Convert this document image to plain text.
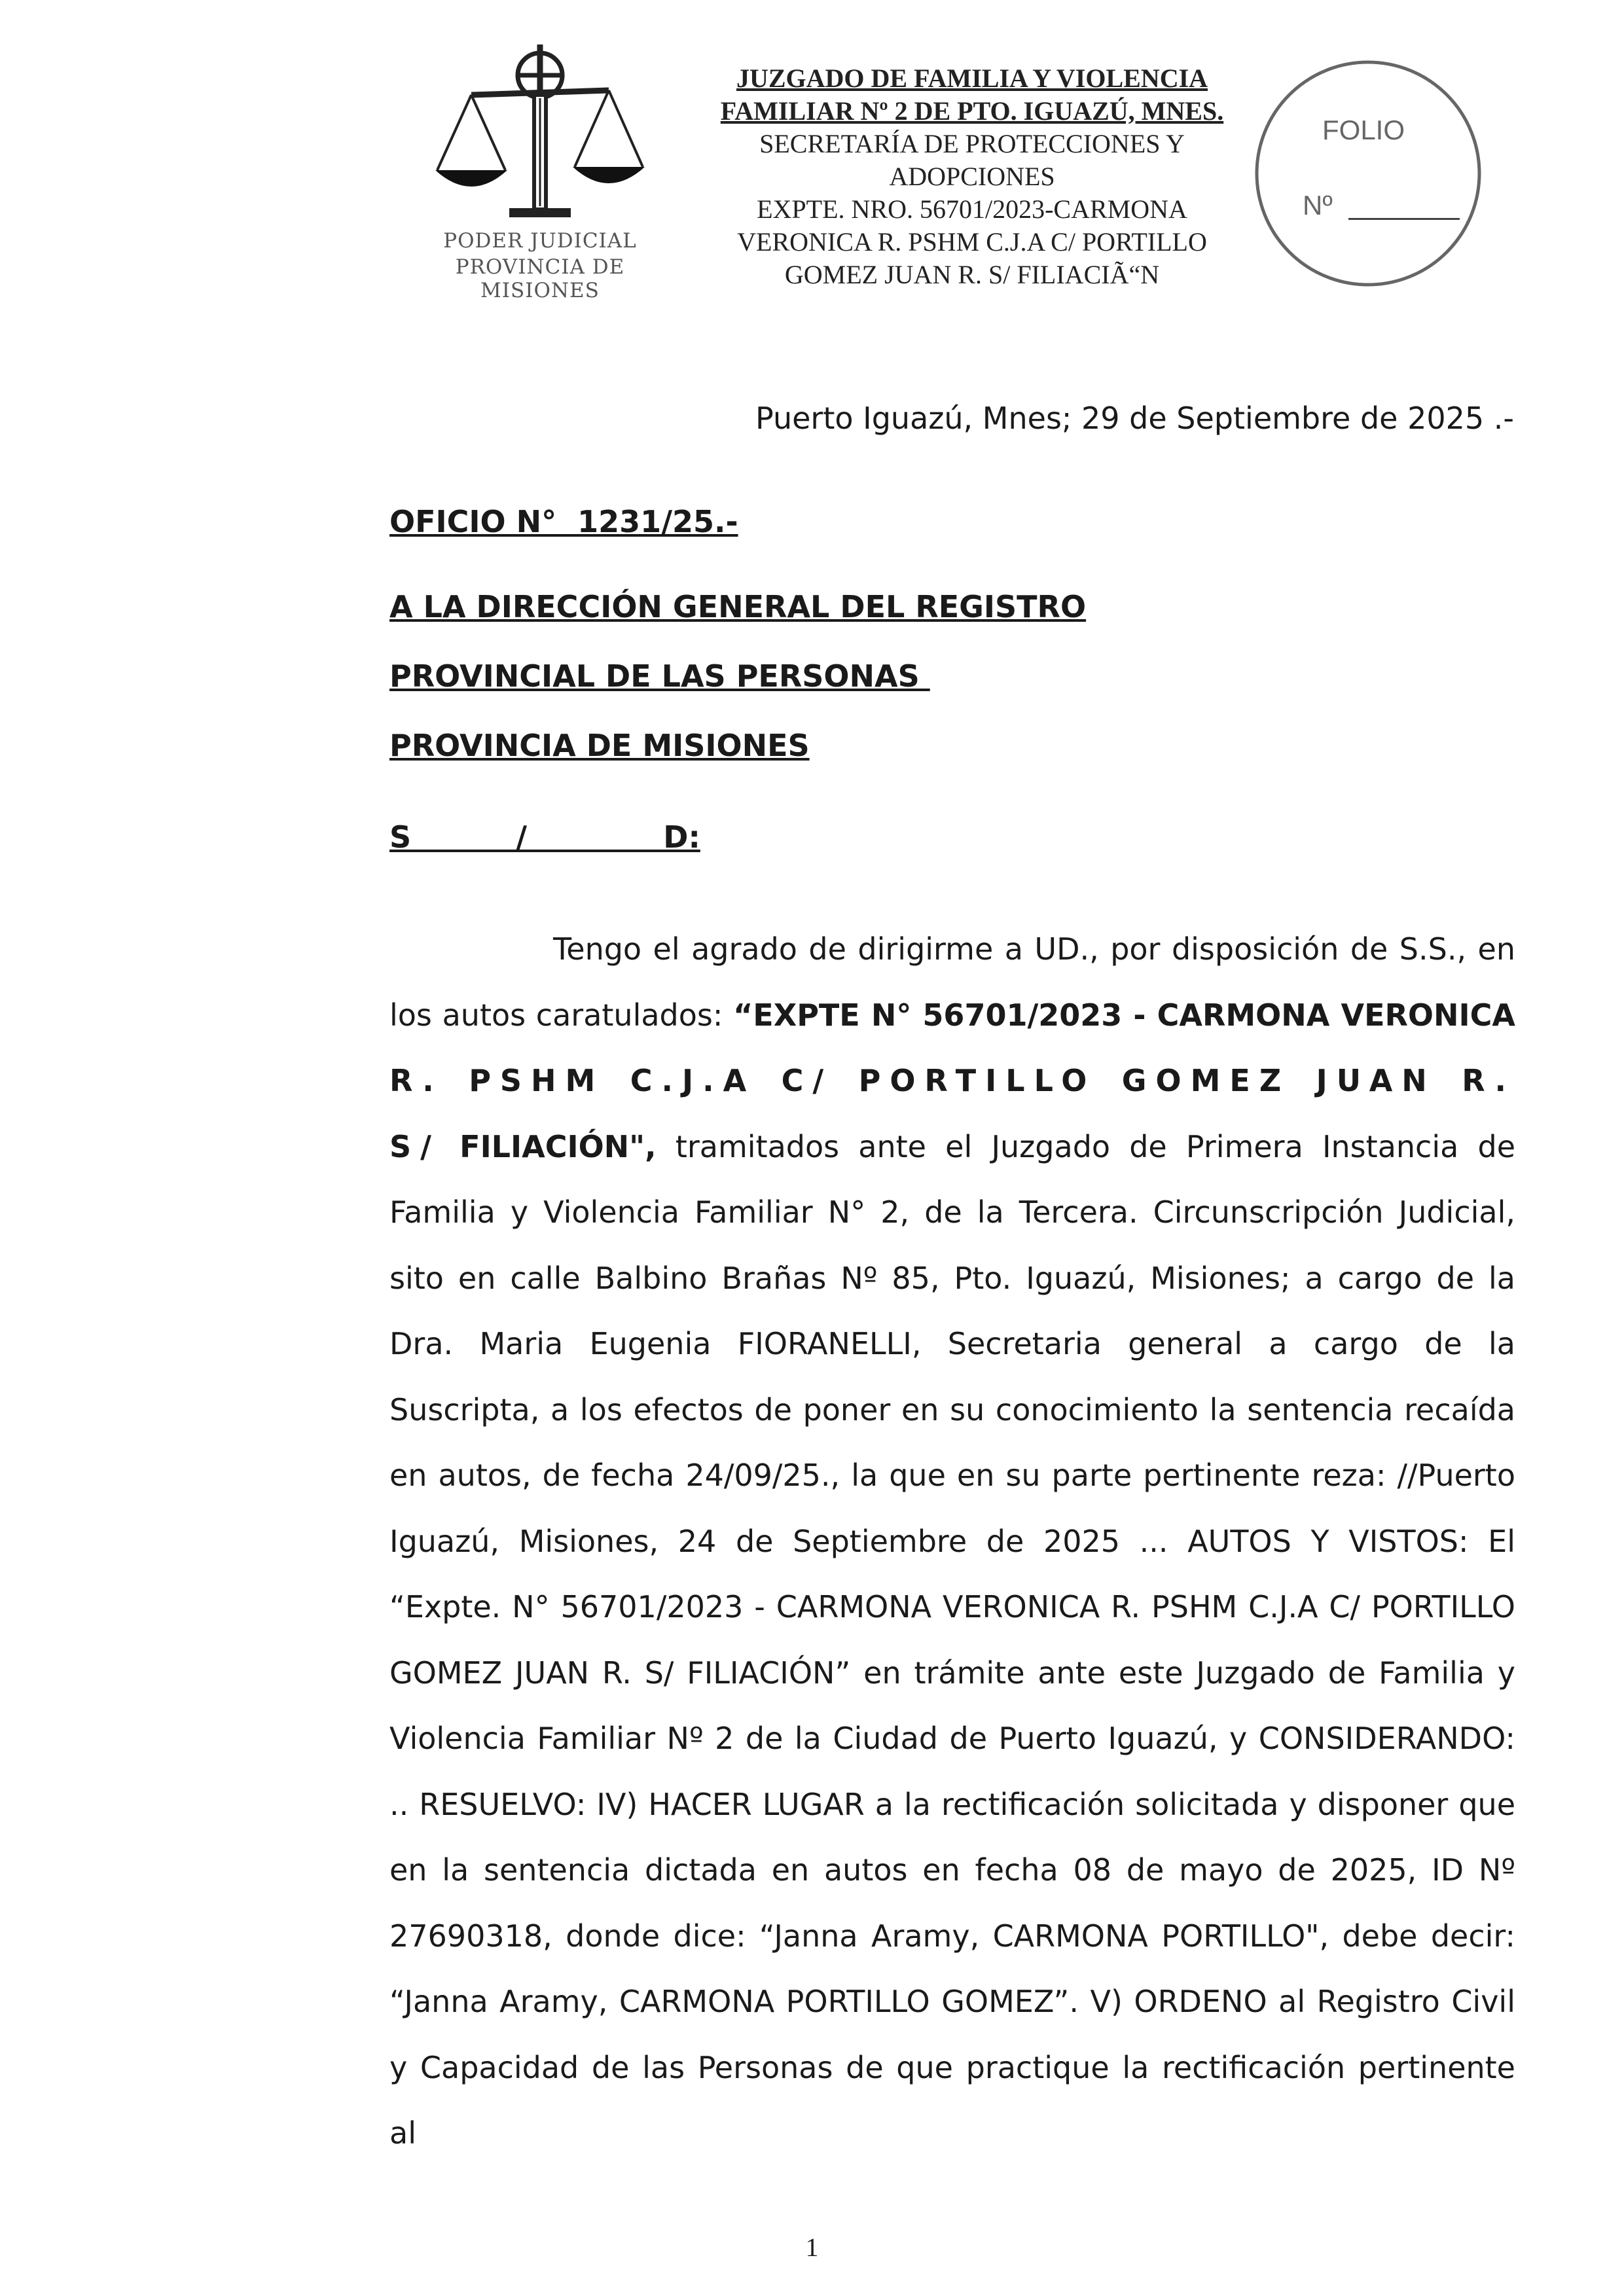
PODER JUDICIAL
PROVINCIA DE MISIONES
JUZGADO DE FAMILIA Y VIOLENCIA
FAMILIAR Nº 2 DE PTO. IGUAZÚ, MNES.
SECRETARÍA DE PROTECCIONES Y
ADOPCIONES
EXPTE. NRO. 56701/2023-CARMONA
VERONICA R. PSHM C.J.A C/ PORTILLO
GOMEZ JUAN R. S/ FILIACIÃ“N
FOLIO
Nº
Puerto Iguazú, Mnes; 29 de Septiembre de 2025 .-
OFICIO N°  1231/25.-
A LA DIRECCIÓN GENERAL DEL REGISTRO
PROVINCIAL DE LAS PERSONAS
PROVINCIA DE MISIONES
S          /             D:
Tengo el agrado de dirigirme a UD., por disposición de S.S., en los autos caratulados: “EXPTE N° 56701/2023 - CARMONA VERONICA R. PSHM C.J.A C/ PORTILLO GOMEZ JUAN R. S/ FILIACIÓN", tramitados ante el Juzgado de Primera Instancia de Familia y Violencia Familiar N° 2, de la Tercera. Circunscripción Judicial, sito en calle Balbino Brañas Nº 85, Pto. Iguazú, Misiones; a cargo de la Dra. Maria Eugenia FIORANELLI, Secretaria general a cargo de la Suscripta, a los efectos de poner en su conocimiento la sentencia recaída en autos, de fecha 24/09/25., la que en su parte pertinente reza: //Puerto Iguazú, Misiones, 24 de Septiembre de 2025 ... AUTOS Y VISTOS: El “Expte. N° 56701/2023 - CARMONA VERONICA R. PSHM C.J.A C/ PORTILLO GOMEZ JUAN R. S/ FILIACIÓN” en trámite ante este Juzgado de Familia y Violencia Familiar Nº 2 de la Ciudad de Puerto Iguazú, y CONSIDERANDO: .. RESUELVO: IV) HACER LUGAR a la rectificación solicitada y disponer que en la sentencia dictada en autos en fecha 08 de mayo de 2025, ID Nº 27690318, donde dice: “Janna Aramy, CARMONA PORTILLO", debe decir: “Janna Aramy, CARMONA PORTILLO GOMEZ”. V) ORDENO al Registro Civil y Capacidad de las Personas de que practique la rectificación pertinente al
1
